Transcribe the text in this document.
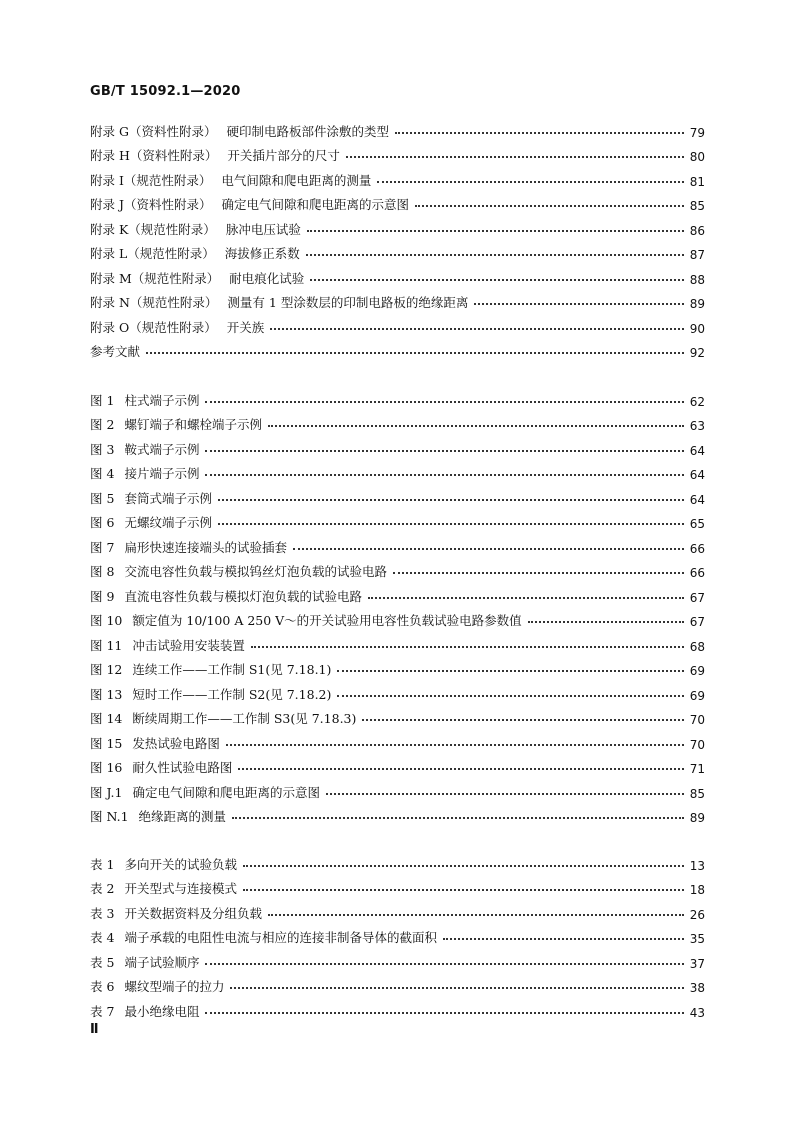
GB/T 15092.1—2020
附录 G（资料性附录） 硬印制电路板部件涂敷的类型	79
附录 H（资料性附录） 开关插片部分的尺寸	80
附录 I（规范性附录） 电气间隙和爬电距离的测量	81
附录 J（资料性附录） 确定电气间隙和爬电距离的示意图	85
附录 K（规范性附录） 脉冲电压试验	86
附录 L（规范性附录） 海拔修正系数	87
附录 M（规范性附录） 耐电痕化试验	88
附录 N（规范性附录） 测量有 1 型涂数层的印制电路板的绝缘距离	89
附录 O（规范性附录） 开关族	90
参考文献	92
图 1 柱式端子示例	62
图 2 螺钉端子和螺栓端子示例	63
图 3 鞍式端子示例	64
图 4 接片端子示例	64
图 5 套筒式端子示例	64
图 6 无螺纹端子示例	65
图 7 扁形快速连接端头的试验插套	66
图 8 交流电容性负载与模拟钨丝灯泡负载的试验电路	66
图 9 直流电容性负载与模拟灯泡负载的试验电路	67
图 10 额定值为 10/100 A 250 V～的开关试验用电容性负载试验电路参数值	67
图 11 冲击试验用安装装置	68
图 12 连续工作——工作制 S1(见 7.18.1)	69
图 13 短时工作——工作制 S2(见 7.18.2)	69
图 14 断续周期工作——工作制 S3(见 7.18.3)	70
图 15 发热试验电路图	70
图 16 耐久性试验电路图	71
图 J.1 确定电气间隙和爬电距离的示意图	85
图 N.1 绝缘距离的测量	89
表 1 多向开关的试验负载	13
表 2 开关型式与连接模式	18
表 3 开关数据资料及分组负载	26
表 4 端子承载的电阻性电流与相应的连接非制备导体的截面积	35
表 5 端子试验顺序	37
表 6 螺纹型端子的拉力	38
表 7 最小绝缘电阻	43
Ⅱ
